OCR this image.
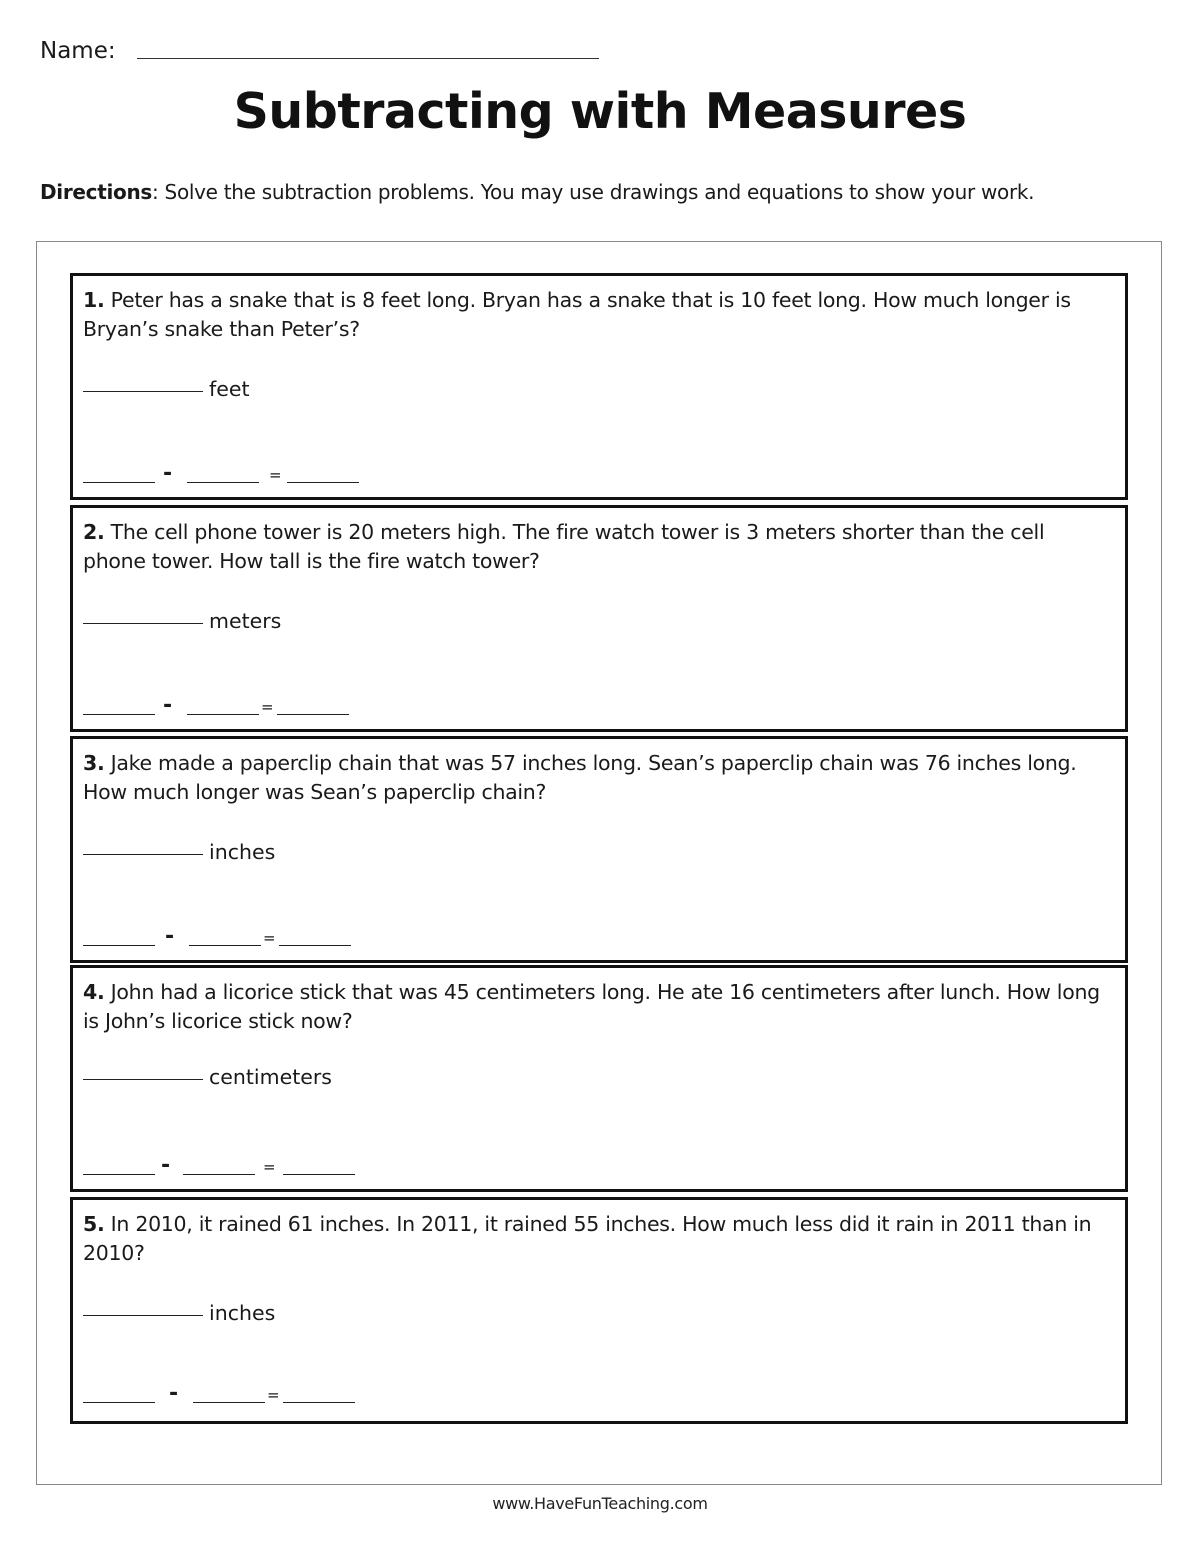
Name:
Subtracting with Measures
Directions: Solve the subtraction problems. You may use drawings and equations to show your work.
1. Peter has a snake that is 8 feet long. Bryan has a snake that is 10 feet long. How much longer is Bryan’s snake than Peter’s?
feet
-	=
2. The cell phone tower is 20 meters high. The fire watch tower is 3 meters shorter than the cell phone tower. How tall is the fire watch tower?
meters
-	=
3. Jake made a paperclip chain that was 57 inches long. Sean’s paperclip chain was 76 inches long. How much longer was Sean’s paperclip chain?
inches
-	=
4. John had a licorice stick that was 45 centimeters long. He ate 16 centimeters after lunch. How long is John’s licorice stick now?
centimeters
-	=
5. In 2010, it rained 61 inches. In 2011, it rained 55 inches. How much less did it rain in 2011 than in 2010?
inches
-	=
www.HaveFunTeaching.com
